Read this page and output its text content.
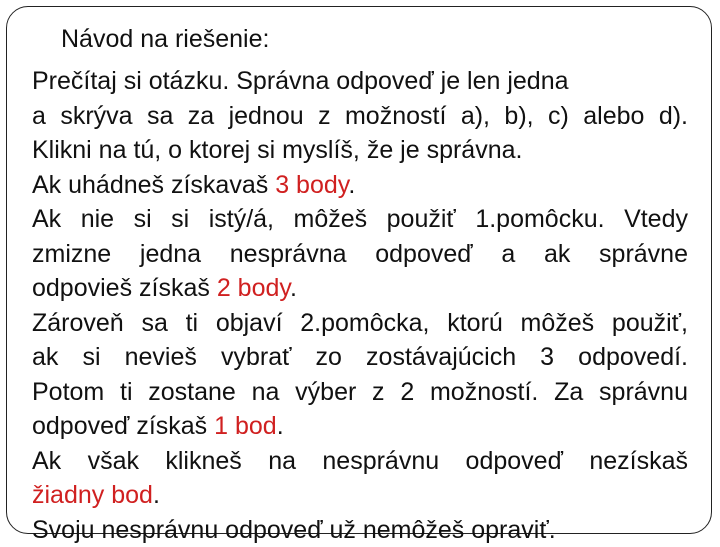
Návod na riešenie:
Prečítaj si otázku. Správna odpoveď je len jedna
a skrýva sa za jednou z možností a), b), c) alebo d).
Klikni na tú, o ktorej si myslíš, že je správna.
Ak uhádneš získavaš 3 body.
Ak nie si si istý/á, môžeš použiť 1.pomôcku. Vtedy
zmizne jedna nesprávna odpoveď a ak správne
odpovieš získaš 2 body.
Zároveň sa ti objaví 2.pomôcka, ktorú môžeš použiť,
ak si nevieš vybrať zo zostávajúcich 3 odpovedí.
Potom ti zostane na výber z 2 možností. Za správnu
odpoveď získaš 1 bod.
Ak však klikneš na nesprávnu odpoveď nezískaš
žiadny bod.
Svoju nesprávnu odpoveď už nemôžeš opraviť.
